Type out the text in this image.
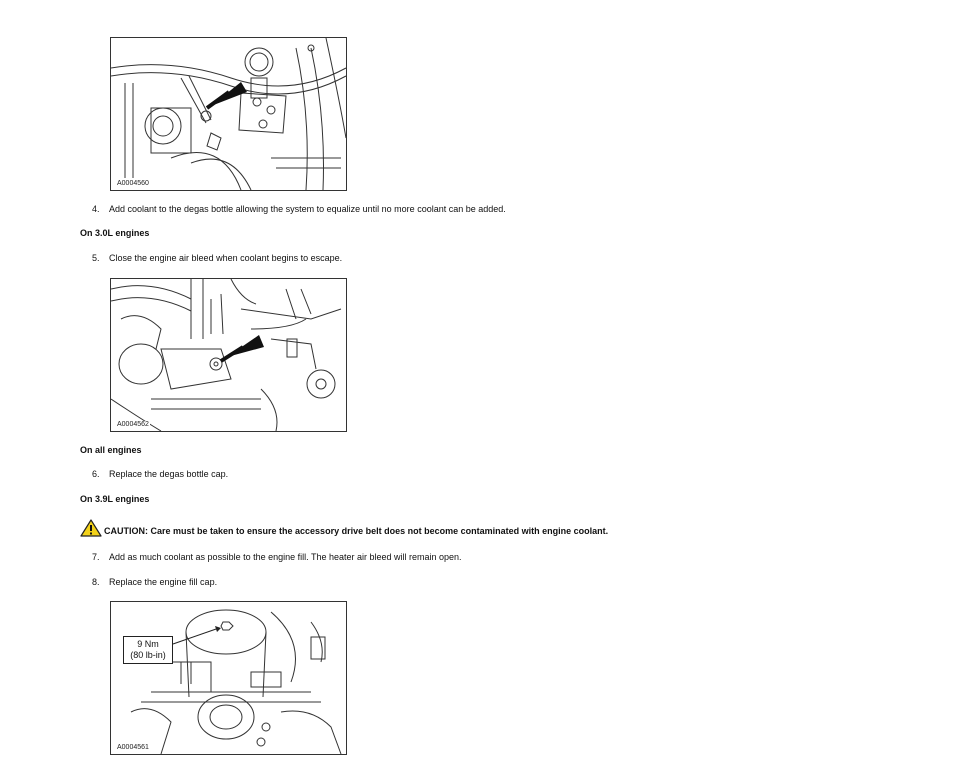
A0004560
4. Add coolant to the degas bottle allowing the system to equalize until no more coolant can be added.
On 3.0L engines
5. Close the engine air bleed when coolant begins to escape.
A0004562
On all engines
6. Replace the degas bottle cap.
On 3.9L engines
CAUTION: Care must be taken to ensure the accessory drive belt does not become contaminated with engine coolant.
7. Add as much coolant as possible to the engine fill. The heater air bleed will remain open.
8. Replace the engine fill cap.
9 Nm
(80 lb-in)
A0004561
